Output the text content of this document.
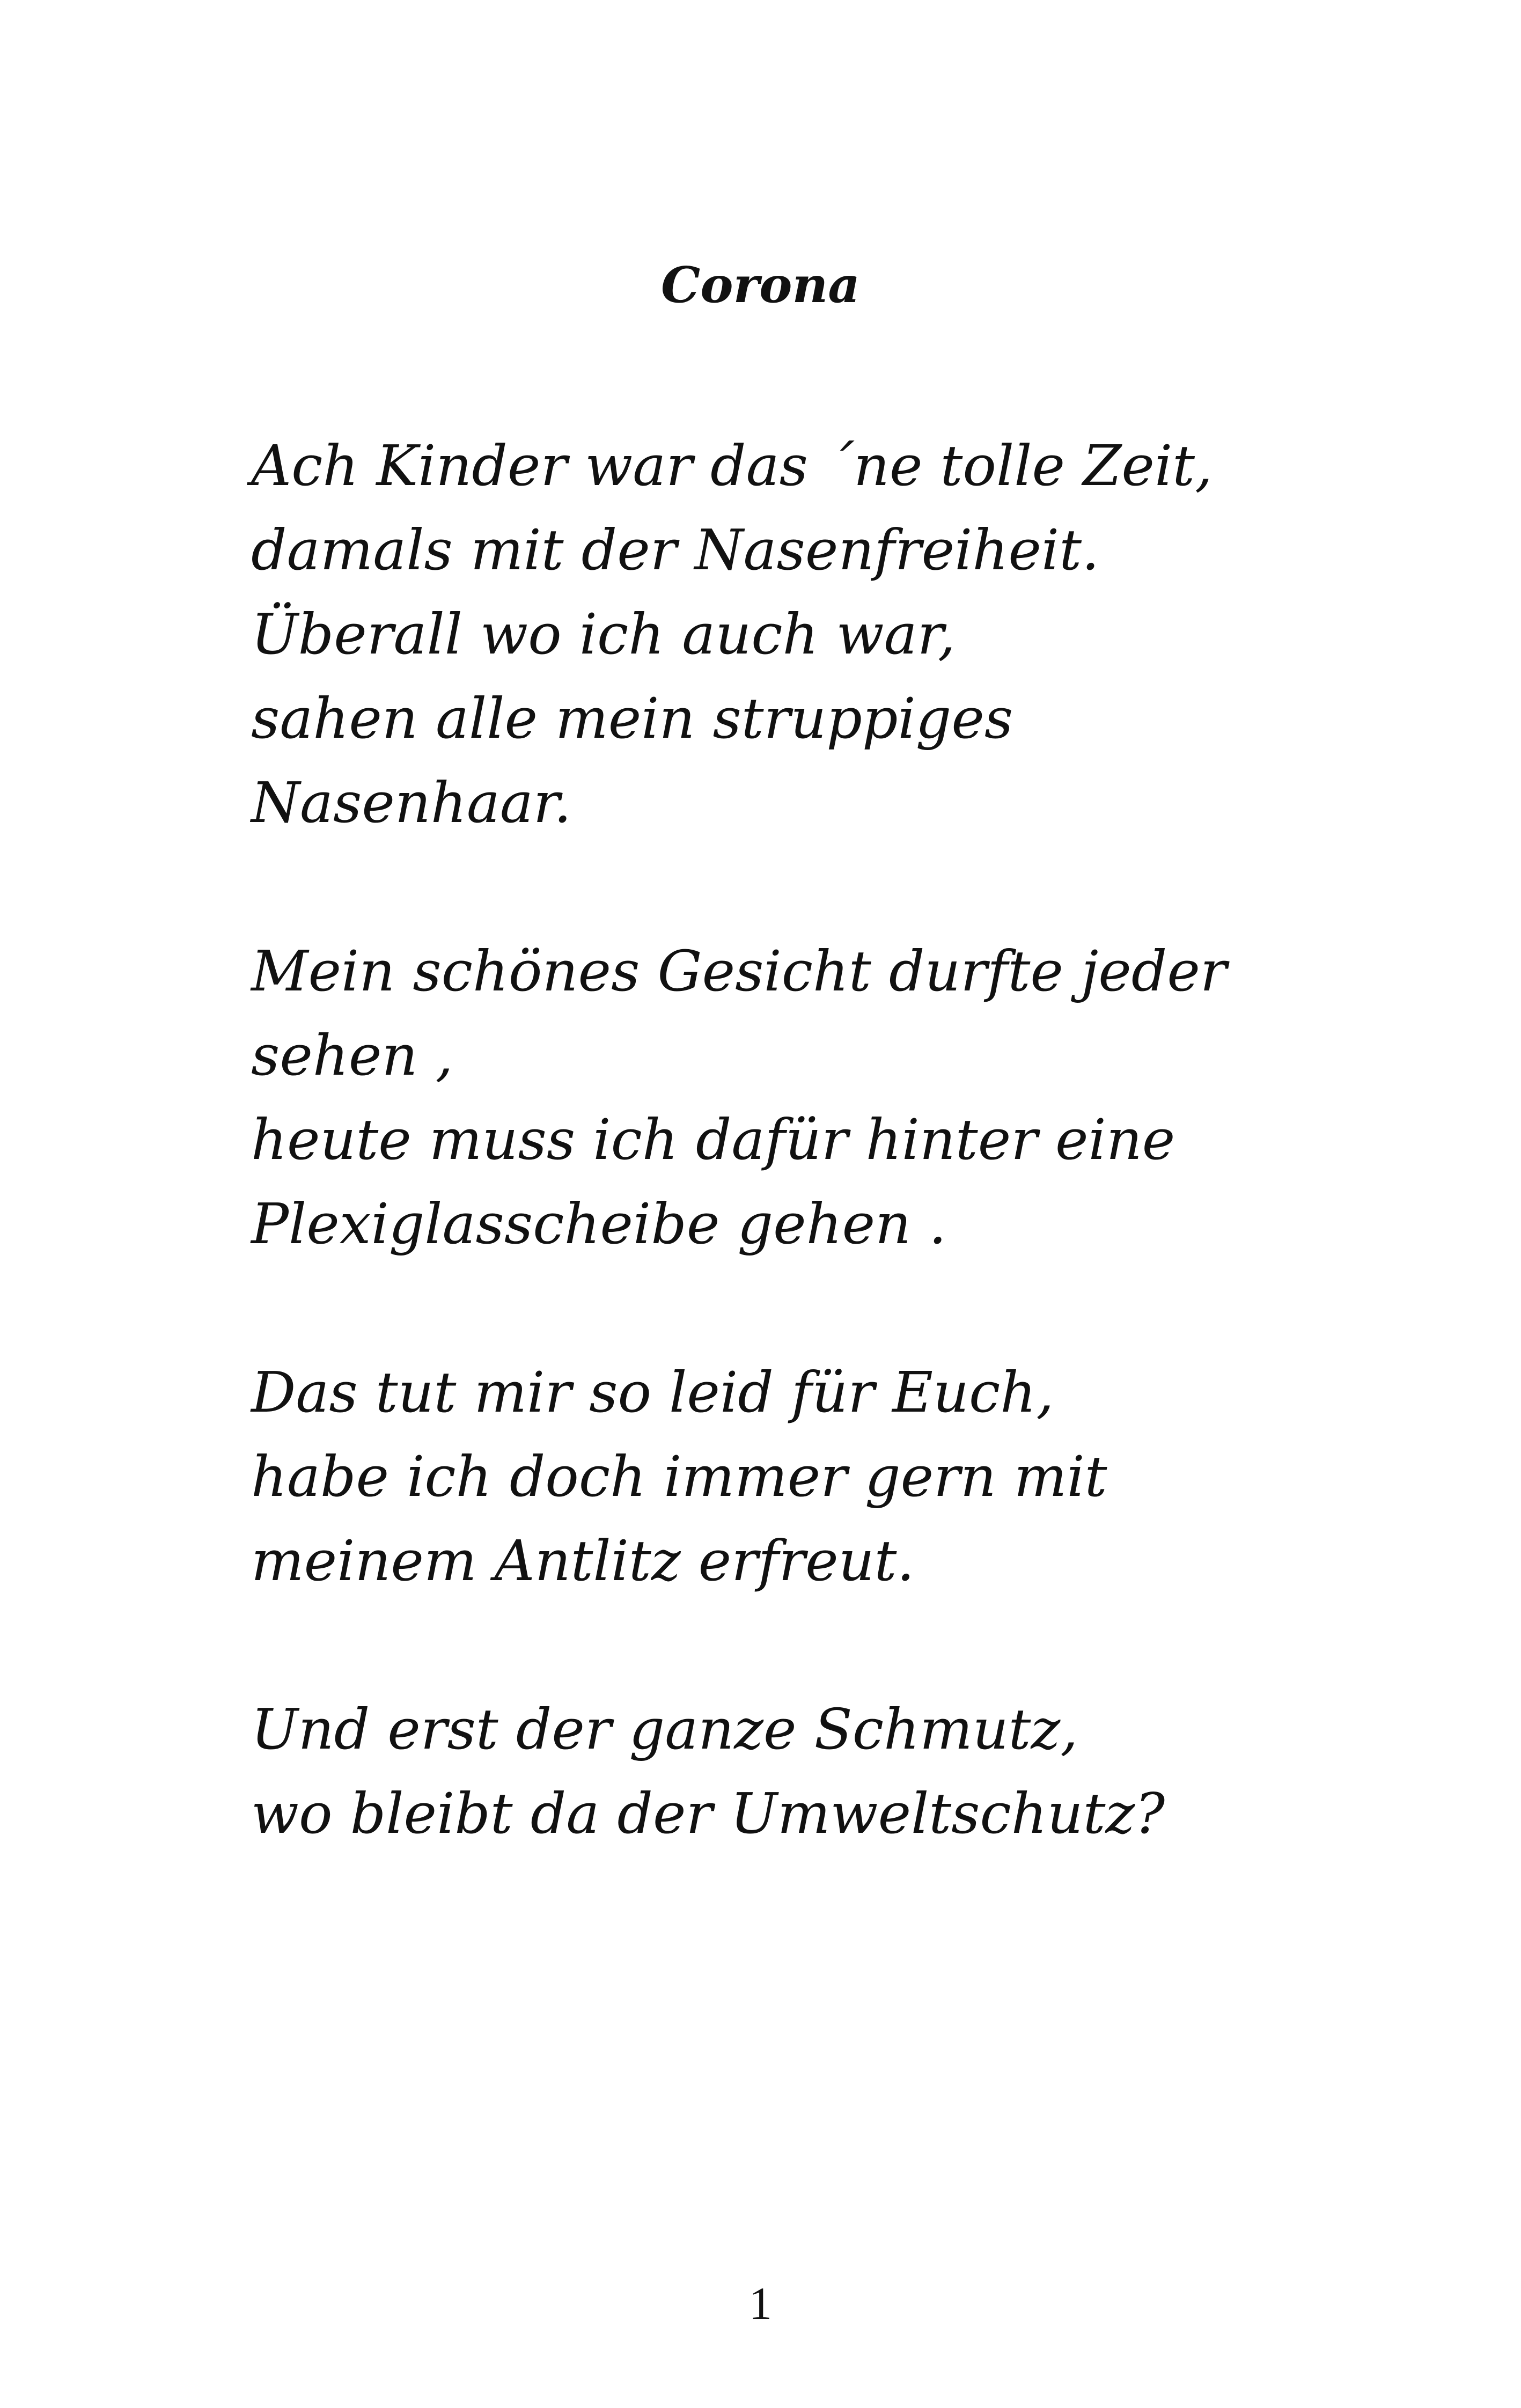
Corona

Ach Kinder war das ´ne tolle Zeit,
damals mit der Nasenfreiheit.
Überall wo ich auch war,
sahen alle mein struppiges
Nasenhaar.

Mein schönes Gesicht durfte jeder
sehen ,
heute muss ich dafür hinter eine
Plexiglasscheibe gehen .

Das tut mir so leid für Euch,
habe ich doch immer gern mit
meinem Antlitz erfreut.

Und erst der ganze Schmutz,
wo bleibt da der Umweltschutz?

1
